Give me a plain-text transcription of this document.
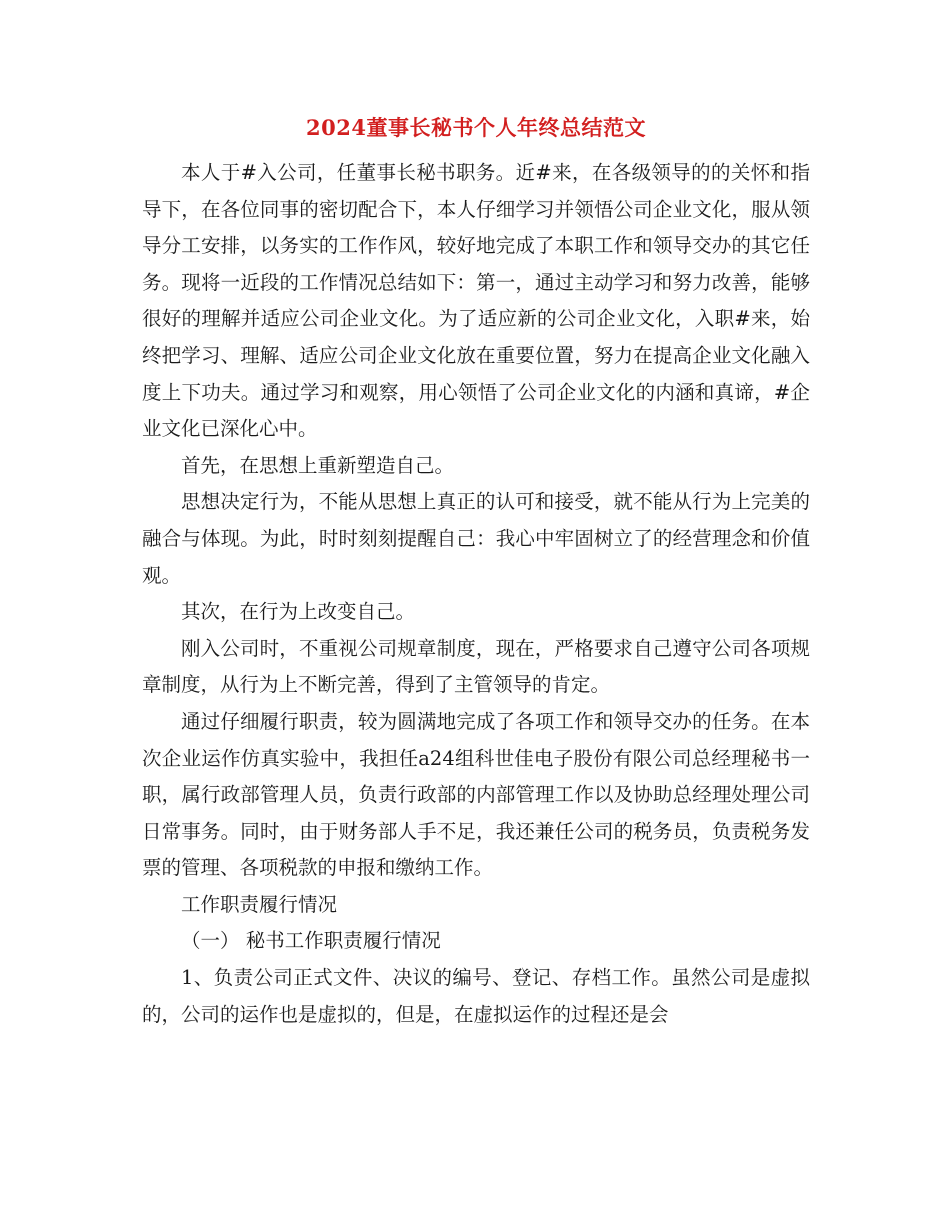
2024董事长秘书个人年终总结范文

本人于#入公司，任董事长秘书职务。近#来，在各级领导的的关怀和指导下，在各位同事的密切配合下，本人仔细学习并领悟公司企业文化，服从领导分工安排，以务实的工作作风，较好地完成了本职工作和领导交办的其它任务。现将一近段的工作情况总结如下：第一，通过主动学习和努力改善，能够很好的理解并适应公司企业文化。为了适应新的公司企业文化，入职#来，始终把学习、理解、适应公司企业文化放在重要位置，努力在提高企业文化融入度上下功夫。通过学习和观察，用心领悟了公司企业文化的内涵和真谛，#企业文化已深化心中。

首先，在思想上重新塑造自己。

思想决定行为，不能从思想上真正的认可和接受，就不能从行为上完美的融合与体现。为此，时时刻刻提醒自己：我心中牢固树立了的经营理念和价值观。

其次，在行为上改变自己。

刚入公司时，不重视公司规章制度，现在，严格要求自己遵守公司各项规章制度，从行为上不断完善，得到了主管领导的肯定。

通过仔细履行职责，较为圆满地完成了各项工作和领导交办的任务。在本次企业运作仿真实验中，我担任a24组科世佳电子股份有限公司总经理秘书一职，属行政部管理人员，负责行政部的内部管理工作以及协助总经理处理公司日常事务。同时，由于财务部人手不足，我还兼任公司的税务员，负责税务发票的管理、各项税款的申报和缴纳工作。

工作职责履行情况

（一） 秘书工作职责履行情况

1、负责公司正式文件、决议的编号、登记、存档工作。虽然公司是虚拟的，公司的运作也是虚拟的，但是，在虚拟运作的过程还是会
